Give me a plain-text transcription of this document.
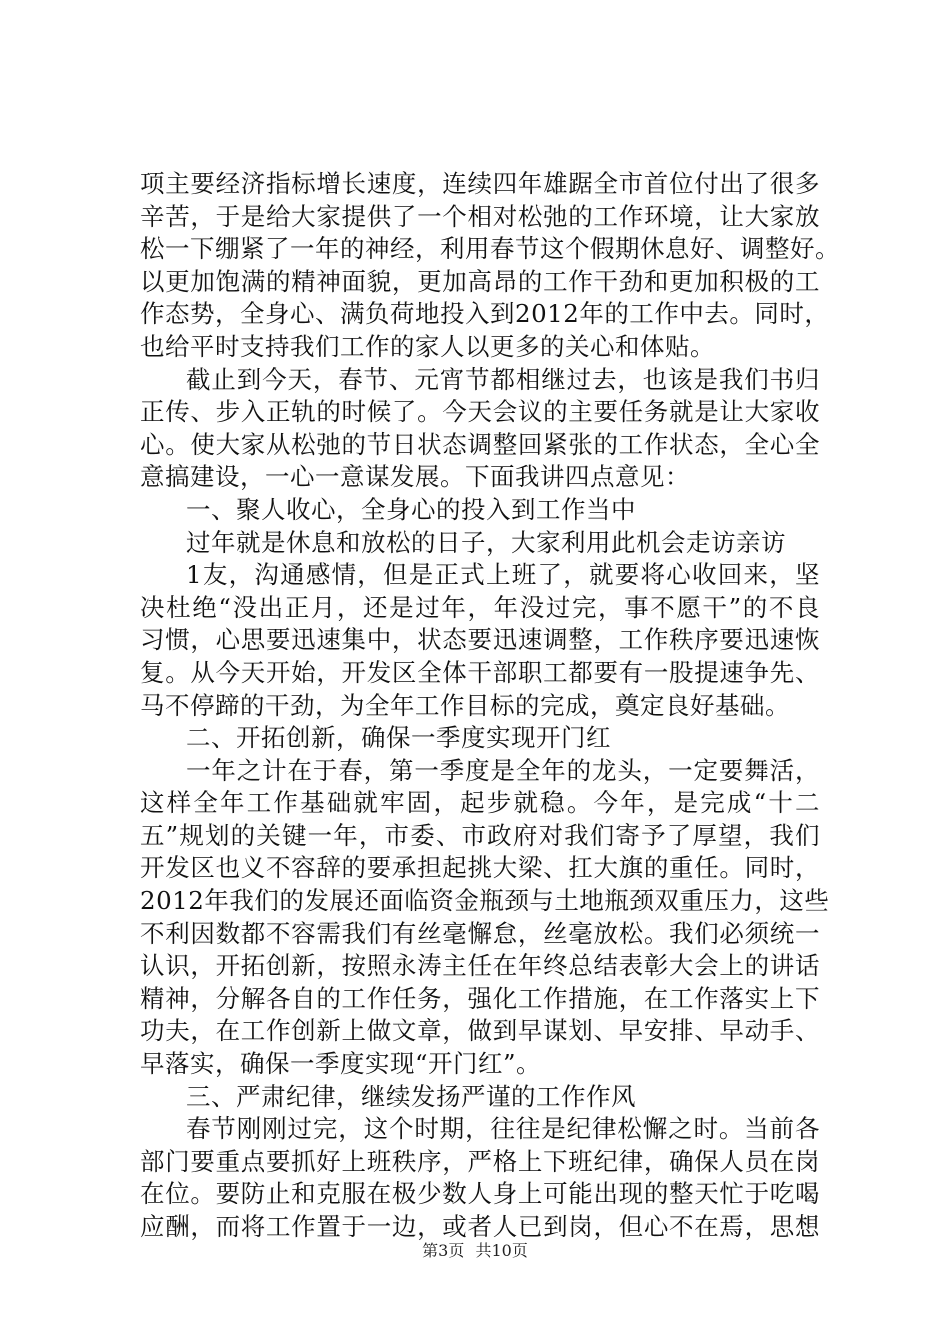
项主要经济指标增长速度，连续四年雄踞全市首位付出了很多
辛苦，于是给大家提供了一个相对松弛的工作环境，让大家放
松一下绷紧了一年的神经，利用春节这个假期休息好、调整好。
以更加饱满的精神面貌，更加高昂的工作干劲和更加积极的工
作态势，全身心、满负荷地投入到2012年的工作中去。同时，
也给平时支持我们工作的家人以更多的关心和体贴。
截止到今天，春节、元宵节都相继过去，也该是我们书归
正传、步入正轨的时候了。今天会议的主要任务就是让大家收
心。使大家从松弛的节日状态调整回紧张的工作状态，全心全
意搞建设，一心一意谋发展。下面我讲四点意见：
一、聚人收心，全身心的投入到工作当中
过年就是休息和放松的日子，大家利用此机会走访亲访
1友，沟通感情，但是正式上班了，就要将心收回来，坚
决杜绝“没出正月，还是过年，年没过完，事不愿干”的不良
习惯，心思要迅速集中，状态要迅速调整，工作秩序要迅速恢
复。从今天开始，开发区全体干部职工都要有一股提速争先、
马不停蹄的干劲，为全年工作目标的完成，奠定良好基础。
二、开拓创新，确保一季度实现开门红
一年之计在于春，第一季度是全年的龙头，一定要舞活，
这样全年工作基础就牢固，起步就稳。今年，是完成“十二
五”规划的关键一年，市委、市政府对我们寄予了厚望，我们
开发区也义不容辞的要承担起挑大梁、扛大旗的重任。同时，
2012年我们的发展还面临资金瓶颈与土地瓶颈双重压力，这些
不利因数都不容需我们有丝毫懈怠，丝毫放松。我们必须统一
认识，开拓创新，按照永涛主任在年终总结表彰大会上的讲话
精神，分解各自的工作任务，强化工作措施，在工作落实上下
功夫，在工作创新上做文章，做到早谋划、早安排、早动手、
早落实，确保一季度实现“开门红”。
三、严肃纪律，继续发扬严谨的工作作风
春节刚刚过完，这个时期，往往是纪律松懈之时。当前各
部门要重点要抓好上班秩序，严格上下班纪律，确保人员在岗
在位。要防止和克服在极少数人身上可能出现的整天忙于吃喝
应酬，而将工作置于一边，或者人已到岗，但心不在焉，思想
第3页 共10页
